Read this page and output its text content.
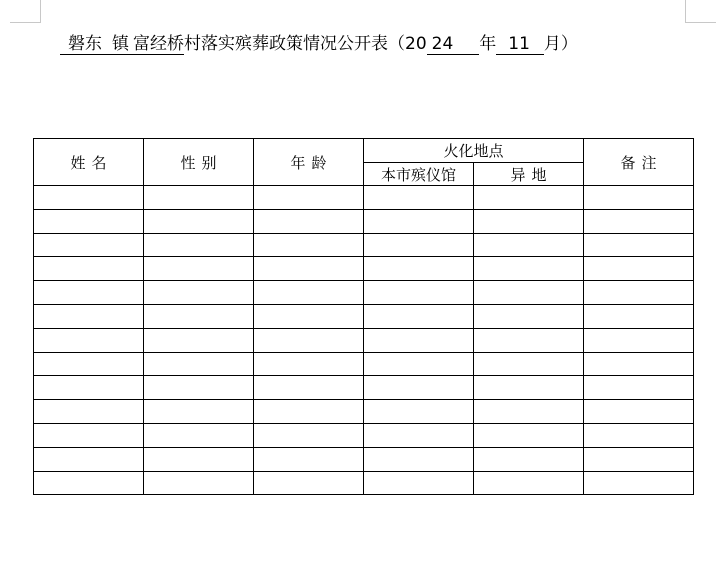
磐东 镇 富经桥村落实殡葬政策情况公开表（20 24 年 11 月）
姓名	性别	年龄	火化地点		备注
			本市殡仪馆	异地	
